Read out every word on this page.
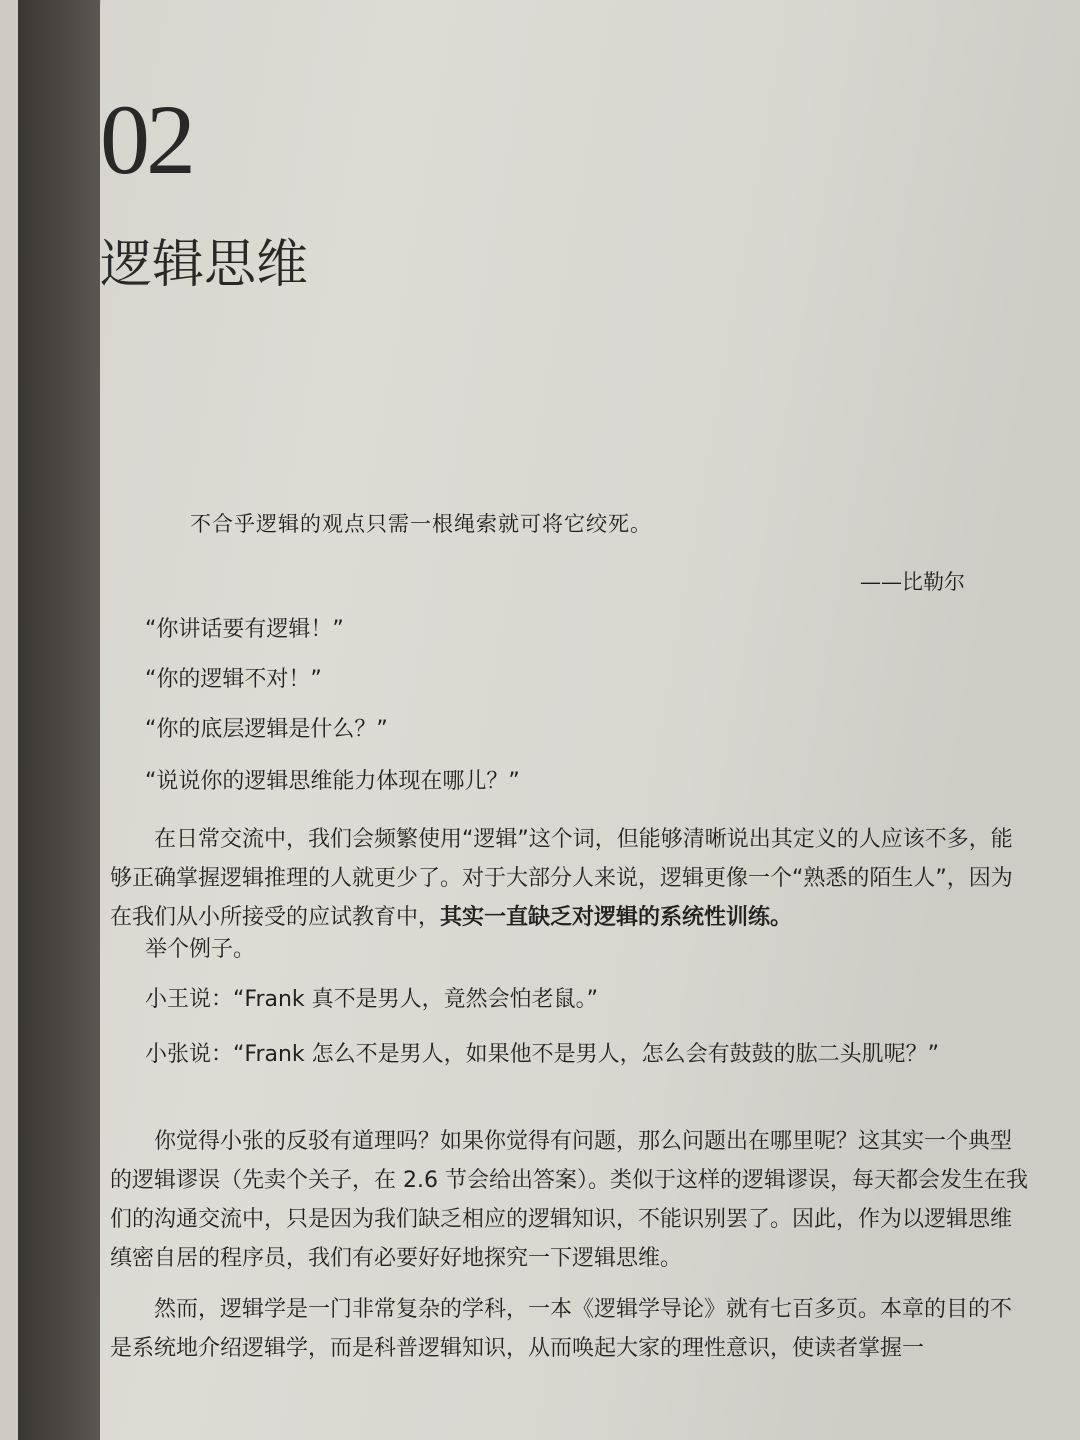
02
逻辑思维
不合乎逻辑的观点只需一根绳索就可将它绞死。
——比勒尔
“你讲话要有逻辑！”
“你的逻辑不对！”
“你的底层逻辑是什么？”
“说说你的逻辑思维能力体现在哪儿？”
　　在日常交流中，我们会频繁使用“逻辑”这个词，但能够清晰说出其定义的人应该不多，能够正确掌握逻辑推理的人就更少了。对于大部分人来说，逻辑更像一个“熟悉的陌生人”，因为在我们从小所接受的应试教育中，其实一直缺乏对逻辑的系统性训练。
举个例子。
小王说：“Frank 真不是男人，竟然会怕老鼠。”
小张说：“Frank 怎么不是男人，如果他不是男人，怎么会有鼓鼓的肱二头肌呢？”
　　你觉得小张的反驳有道理吗？如果你觉得有问题，那么问题出在哪里呢？这其实一个典型的逻辑谬误（先卖个关子，在 2.6 节会给出答案）。类似于这样的逻辑谬误，每天都会发生在我们的沟通交流中，只是因为我们缺乏相应的逻辑知识，不能识别罢了。因此，作为以逻辑思维缜密自居的程序员，我们有必要好好地探究一下逻辑思维。
　　然而，逻辑学是一门非常复杂的学科，一本《逻辑学导论》就有七百多页。本章的目的不是系统地介绍逻辑学，而是科普逻辑知识，从而唤起大家的理性意识，使读者掌握一
